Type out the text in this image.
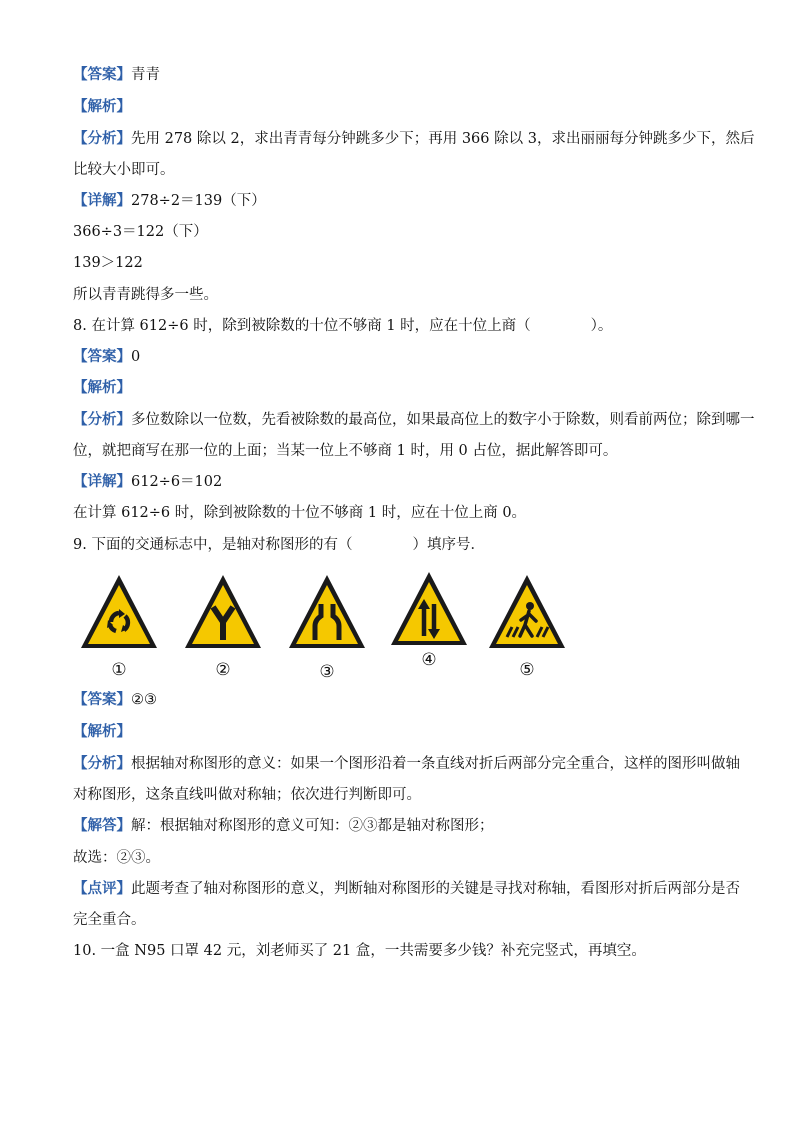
【答案】青青
【解析】
【分析】先用 278 除以 2，求出青青每分钟跳多少下；再用 366 除以 3，求出丽丽每分钟跳多少下，然后
比较大小即可。
【详解】278÷2＝139（下）
366÷3＝122（下）
139＞122
所以青青跳得多一些。
8. 在计算 612÷6 时，除到被除数的十位不够商 1 时，应在十位上商（	）。
【答案】0
【解析】
【分析】多位数除以一位数，先看被除数的最高位，如果最高位上的数字小于除数，则看前两位；除到哪一
位，就把商写在那一位的上面；当某一位上不够商 1 时，用 0 占位，据此解答即可。
【详解】612÷6＝102
在计算 612÷6 时，除到被除数的十位不够商 1 时，应在十位上商 0。
9. 下面的交通标志中，是轴对称图形的有（	）填序号．
①	②	③
④	⑤
【答案】②③
【解析】
【分析】根据轴对称图形的意义：如果一个图形沿着一条直线对折后两部分完全重合，这样的图形叫做轴
对称图形，这条直线叫做对称轴；依次进行判断即可。
【解答】解：根据轴对称图形的意义可知：②③都是轴对称图形；
故选：②③。
【点评】此题考查了轴对称图形的意义，判断轴对称图形的关键是寻找对称轴，看图形对折后两部分是否
完全重合。
10. 一盒 N95 口罩 42 元，刘老师买了 21 盒，一共需要多少钱？补充完竖式，再填空。
